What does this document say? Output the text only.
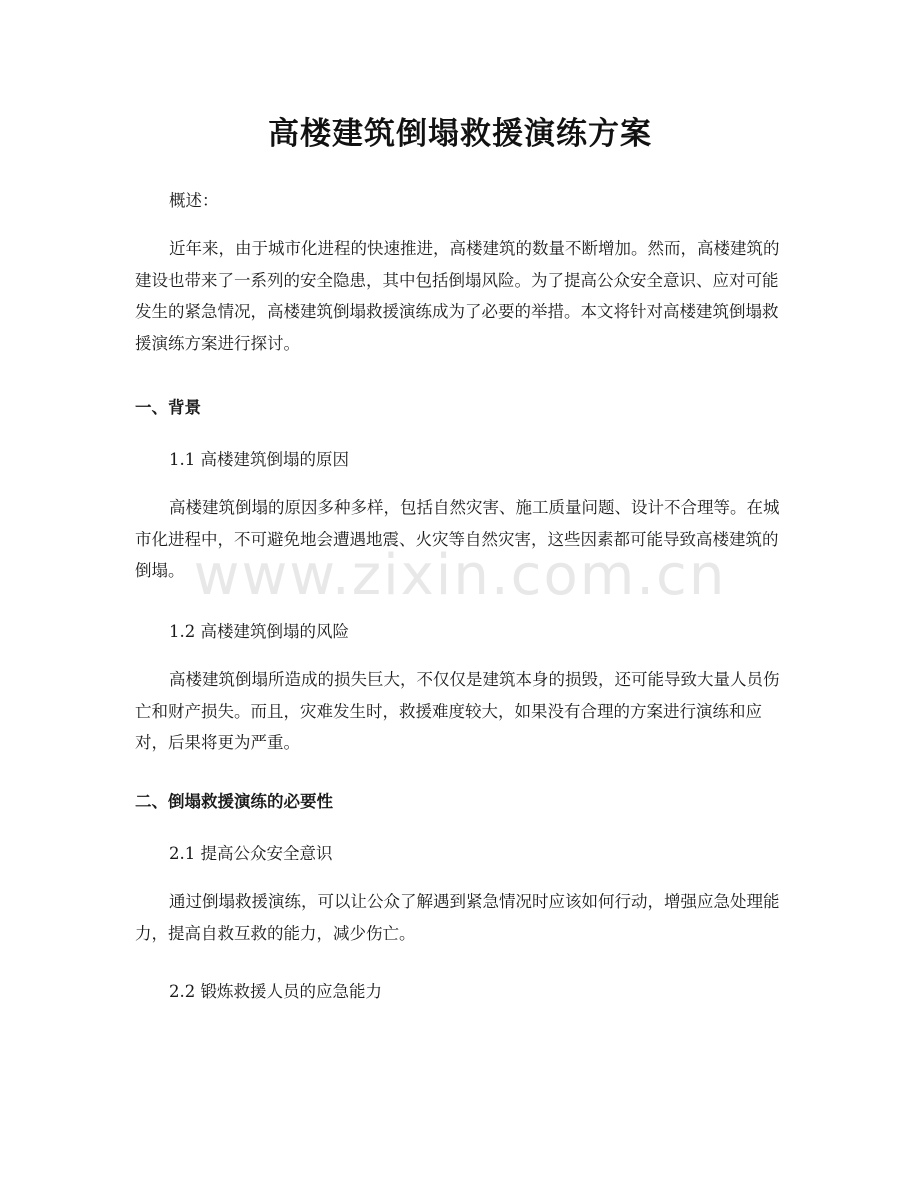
高楼建筑倒塌救援演练方案
概述：
近年来，由于城市化进程的快速推进，高楼建筑的数量不断增加。然而，高楼建筑的建设也带来了一系列的安全隐患，其中包括倒塌风险。为了提高公众安全意识、应对可能发生的紧急情况，高楼建筑倒塌救援演练成为了必要的举措。本文将针对高楼建筑倒塌救援演练方案进行探讨。
一、背景
1.1 高楼建筑倒塌的原因
高楼建筑倒塌的原因多种多样，包括自然灾害、施工质量问题、设计不合理等。在城市化进程中，不可避免地会遭遇地震、火灾等自然灾害，这些因素都可能导致高楼建筑的倒塌。
1.2 高楼建筑倒塌的风险
高楼建筑倒塌所造成的损失巨大，不仅仅是建筑本身的损毁，还可能导致大量人员伤亡和财产损失。而且，灾难发生时，救援难度较大，如果没有合理的方案进行演练和应对，后果将更为严重。
二、倒塌救援演练的必要性
2.1 提高公众安全意识
通过倒塌救援演练，可以让公众了解遇到紧急情况时应该如何行动，增强应急处理能力，提高自救互救的能力，减少伤亡。
2.2 锻炼救援人员的应急能力
www.zixin.com.cn
